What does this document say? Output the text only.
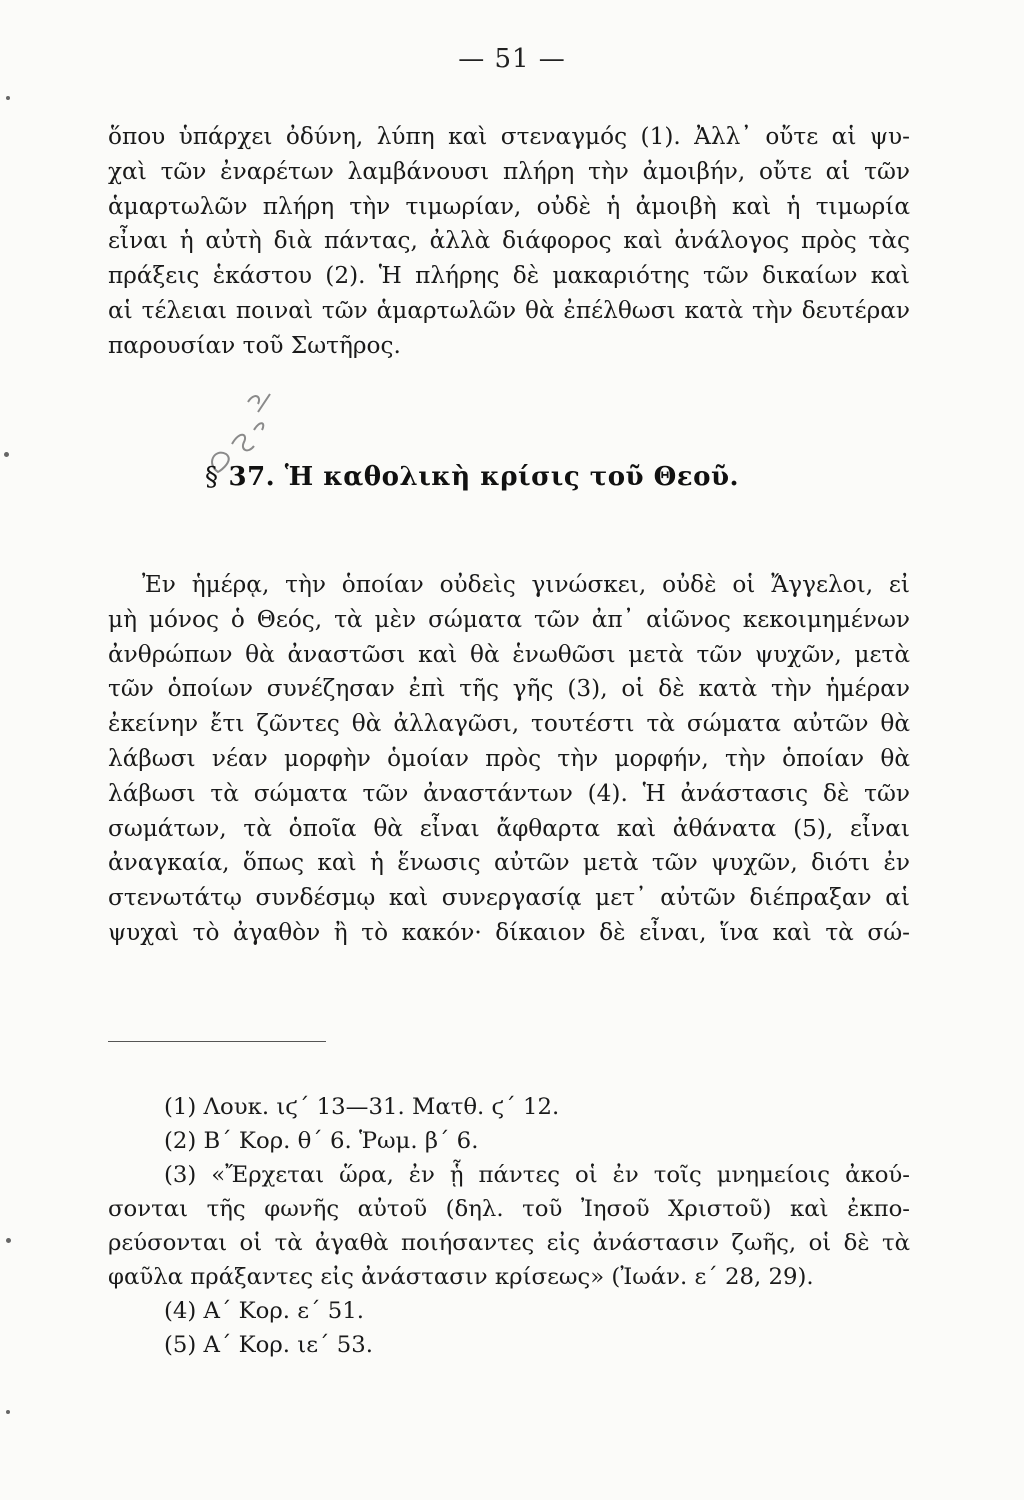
— 51 —
ὅπου ὑπάρχει ὀδύνη, λύπη καὶ στεναγμός (1). Ἀλλ᾽ οὔτε αἱ ψυ-
χαὶ τῶν ἐναρέτων λαμβάνουσι πλήρη τὴν ἀμοιβήν, οὔτε αἱ τῶν
ἁμαρτωλῶν πλήρη τὴν τιμωρίαν, οὐδὲ ἡ ἀμοιβὴ καὶ ἡ τιμωρία
εἶναι ἡ αὐτὴ διὰ πάντας, ἀλλὰ διάφορος καὶ ἀνάλογος πρὸς τὰς
πράξεις ἑκάστου (2). Ἡ πλήρης δὲ μακαριότης τῶν δικαίων καὶ
αἱ τέλειαι ποιναὶ τῶν ἁμαρτωλῶν θὰ ἐπέλθωσι κατὰ τὴν δευτέραν
παρουσίαν τοῦ Σωτῆρος.
§ 37. Ἡ καθολικὴ κρίσις τοῦ Θεοῦ.
Ἐν ἡμέρᾳ, τὴν ὁποίαν οὐδεὶς γινώσκει, οὐδὲ οἱ Ἄγγελοι, εἰ
μὴ μόνος ὁ Θεός, τὰ μὲν σώματα τῶν ἀπ᾽ αἰῶνος κεκοιμημένων
ἀνθρώπων θὰ ἀναστῶσι καὶ θὰ ἑνωθῶσι μετὰ τῶν ψυχῶν, μετὰ
τῶν ὁποίων συνέζησαν ἐπὶ τῆς γῆς (3), οἱ δὲ κατὰ τὴν ἡμέραν
ἐκείνην ἔτι ζῶντες θὰ ἀλλαγῶσι, τουτέστι τὰ σώματα αὐτῶν θὰ
λάβωσι νέαν μορφὴν ὁμοίαν πρὸς τὴν μορφήν, τὴν ὁποίαν θὰ
λάβωσι τὰ σώματα τῶν ἀναστάντων (4). Ἡ ἀνάστασις δὲ τῶν
σωμάτων, τὰ ὁποῖα θὰ εἶναι ἄφθαρτα καὶ ἀθάνατα (5), εἶναι
ἀναγκαία, ὅπως καὶ ἡ ἕνωσις αὐτῶν μετὰ τῶν ψυχῶν, διότι ἐν
στενωτάτῳ συνδέσμῳ καὶ συνεργασίᾳ μετ᾽ αὐτῶν διέπραξαν αἱ
ψυχαὶ τὸ ἀγαθὸν ἢ τὸ κακόν· δίκαιον δὲ εἶναι, ἵνα καὶ τὰ σώ-
(1) Λουκ. ιϛ΄ 13—31. Ματθ. ϛ΄ 12.
(2) Β΄ Κορ. θ΄ 6. Ῥωμ. β΄ 6.
(3) «Ἔρχεται ὥρα, ἐν ᾗ πάντες οἱ ἐν τοῖς μνημείοις ἀκού-
σονται τῆς φωνῆς αὐτοῦ (δηλ. τοῦ Ἰησοῦ Χριστοῦ) καὶ ἐκπο-
ρεύσονται οἱ τὰ ἀγαθὰ ποιήσαντες εἰς ἀνάστασιν ζωῆς, οἱ δὲ τὰ
φαῦλα πράξαντες εἰς ἀνάστασιν κρίσεως» (Ἰωάν. ε΄ 28, 29).
(4) Α΄ Κορ. ε΄ 51.
(5) Α΄ Κορ. ιε΄ 53.
